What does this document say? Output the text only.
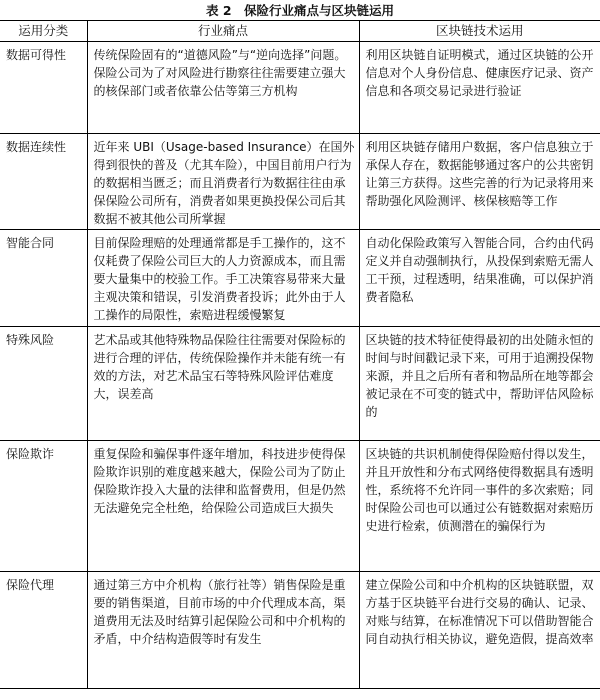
表 2　保险行业痛点与区块链运用
运用分类	行业痛点	区块链技术运用
数据可得性	传统保险固有的“道德风险”与“逆向选择”问题。保险公司为了对风险进行勘察往往需要建立强大的核保部门或者依靠公估等第三方机构	利用区块链自证明模式，通过区块链的公开信息对个人身份信息、健康医疗记录、资产信息和各项交易记录进行验证
数据连续性	近年来 UBI（Usage-based Insurance）在国外得到很快的普及（尤其车险），中国目前用户行为的数据相当匮乏；而且消费者行为数据往往由承保保险公司所有，消费者如果更换投保公司后其数据不被其他公司所掌握	利用区块链存储用户数据，客户信息独立于承保人存在，数据能够通过客户的公共密钥让第三方获得。这些完善的行为记录将用来帮助强化风险测评、核保核赔等工作
智能合同	目前保险理赔的处理通常都是手工操作的，这不仅耗费了保险公司巨大的人力资源成本，而且需要大量集中的校验工作。手工决策容易带来大量主观决策和错误，引发消费者投诉；此外由于人工操作的局限性，索赔进程缓慢繁复	自动化保险政策写入智能合同，合约由代码定义并自动强制执行，从投保到索赔无需人工干预，过程透明，结果准确，可以保护消费者隐私
特殊风险	艺术品或其他特殊物品保险往往需要对保险标的进行合理的评估，传统保险操作并未能有统一有效的方法，对艺术品宝石等特殊风险评估难度大，误差高	区块链的技术特征使得最初的出处随永恒的时间与时间戳记录下来，可用于追溯投保物来源，并且之后所有者和物品所在地等都会被记录在不可变的链式中，帮助评估风险标的
保险欺诈	重复保险和骗保事件逐年增加，科技进步使得保险欺诈识别的难度越来越大，保险公司为了防止保险欺诈投入大量的法律和监督费用，但是仍然无法避免完全杜绝，给保险公司造成巨大损失	区块链的共识机制使得保险赔付得以发生，并且开放性和分布式网络使得数据具有透明性，系统将不允许同一事件的多次索赔；同时保险公司也可以通过公有链数据对索赔历史进行检索，侦测潜在的骗保行为
保险代理	通过第三方中介机构（旅行社等）销售保险是重要的销售渠道，目前市场的中介代理成本高，渠道费用无法及时结算引起保险公司和中介机构的矛盾，中介结构造假等时有发生	建立保险公司和中介机构的区块链联盟，双方基于区块链平台进行交易的确认、记录、对账与结算，在标准情况下可以借助智能合同自动执行相关协议，避免造假，提高效率
